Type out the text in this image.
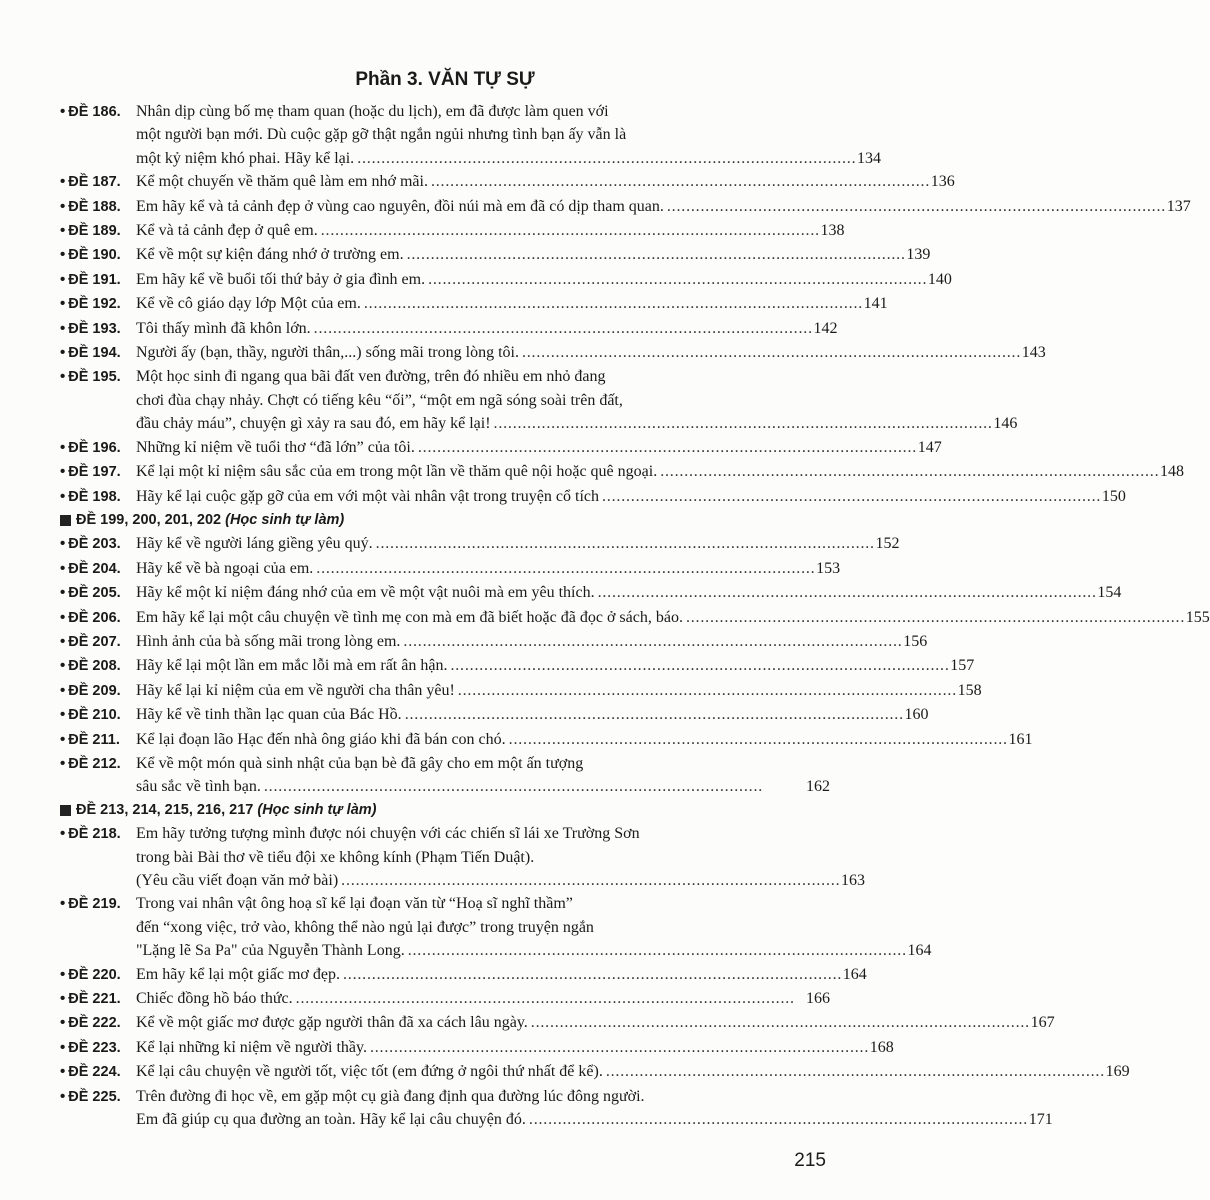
Phần 3. VĂN TỰ SỰ
• ĐỀ 186. Nhân dịp cùng bố mẹ tham quan (hoặc du lịch), em đã được làm quen với
một người bạn mới. Dù cuộc gặp gỡ thật ngắn ngủi nhưng tình bạn ấy vẫn là
một kỷ niệm khó phai. Hãy kể lại. . . .	134
• ĐỀ 187. Kể một chuyến về thăm quê làm em nhớ mãi. . . .	136
• ĐỀ 188. Em hãy kể và tả cảnh đẹp ở vùng cao nguyên, đồi núi mà em đã có dịp tham quan. . . .	137
• ĐỀ 189. Kể và tả cảnh đẹp ở quê em. . . .	138
• ĐỀ 190. Kể về một sự kiện đáng nhớ ở trường em. . . .	139
• ĐỀ 191. Em hãy kể về buổi tối thứ bảy ở gia đình em. . . .	140
• ĐỀ 192. Kể về cô giáo dạy lớp Một của em. . . .	141
• ĐỀ 193. Tôi thấy mình đã khôn lớn. . . .	142
• ĐỀ 194. Người ấy (bạn, thầy, người thân,...) sống mãi trong lòng tôi. . . .	143
• ĐỀ 195. Một học sinh đi ngang qua bãi đất ven đường, trên đó nhiều em nhỏ đang
chơi đùa chạy nhảy. Chợt có tiếng kêu “ối”, “một em ngã sóng soài trên đất,
đầu chảy máu”, chuyện gì xảy ra sau đó, em hãy kể lại! . . .	146
• ĐỀ 196. Những kỉ niệm về tuổi thơ “đã lớn” của tôi. . . .	147
• ĐỀ 197. Kể lại một kỉ niệm sâu sắc của em trong một lần về thăm quê nội hoặc quê ngoại. . . .	148
• ĐỀ 198. Hãy kể lại cuộc gặp gỡ của em với một vài nhân vật trong truyện cổ tích . . .	150
ĐỀ 199, 200, 201, 202 (Học sinh tự làm)
• ĐỀ 203. Hãy kể về người láng giềng yêu quý. . . .	152
• ĐỀ 204. Hãy kể về bà ngoại của em. . . .	153
• ĐỀ 205. Hãy kể một kỉ niệm đáng nhớ của em về một vật nuôi mà em yêu thích. . . .	154
• ĐỀ 206. Em hãy kể lại một câu chuyện về tình mẹ con mà em đã biết hoặc đã đọc ở sách, báo. . . .	155
• ĐỀ 207. Hình ảnh của bà sống mãi trong lòng em. . . .	156
• ĐỀ 208. Hãy kể lại một lần em mắc lỗi mà em rất ân hận. . . .	157
• ĐỀ 209. Hãy kể lại kỉ niệm của em về người cha thân yêu! . . .	158
• ĐỀ 210. Hãy kể về tinh thần lạc quan của Bác Hồ. . . .	160
• ĐỀ 211.	Kể lại đoạn lão Hạc đến nhà ông giáo khi đã bán con chó. . . .	161
• ĐỀ 212. Kể về một món quà sinh nhật của bạn bè đã gây cho em một ấn tượng
sâu sắc về tình bạn. . . .	162
ĐỀ 213, 214, 215, 216, 217 (Học sinh tự làm)
• ĐỀ 218. Em hãy tưởng tượng mình được nói chuyện với các chiến sĩ lái xe Trường Sơn
trong bài Bài thơ về tiểu đội xe không kính (Phạm Tiến Duật).
(Yêu cầu viết đoạn văn mở bài) . . .	163
• ĐỀ 219. Trong vai nhân vật ông hoạ sĩ kể lại đoạn văn từ “Hoạ sĩ nghĩ thầm”
đến “xong việc, trở vào, không thể nào ngủ lại được” trong truyện ngắn
"Lặng lẽ Sa Pa" của Nguyễn Thành Long. . . .	164
• ĐỀ 220. Em hãy kể lại một giấc mơ đẹp. . . .	164
• ĐỀ 221. Chiếc đồng hồ báo thức. . . .	166
• ĐỀ 222. Kể về một giấc mơ được gặp người thân đã xa cách lâu ngày. . . .	167
• ĐỀ 223. Kể lại những kỉ niệm về người thầy. . . .	168
• ĐỀ 224. Kể lại câu chuyện về người tốt, việc tốt (em đứng ở ngôi thứ nhất để kể). . . .	169
• ĐỀ 225. Trên đường đi học về, em gặp một cụ già đang định qua đường lúc đông người.
Em đã giúp cụ qua đường an toàn. Hãy kể lại câu chuyện đó. . . .	171
215
